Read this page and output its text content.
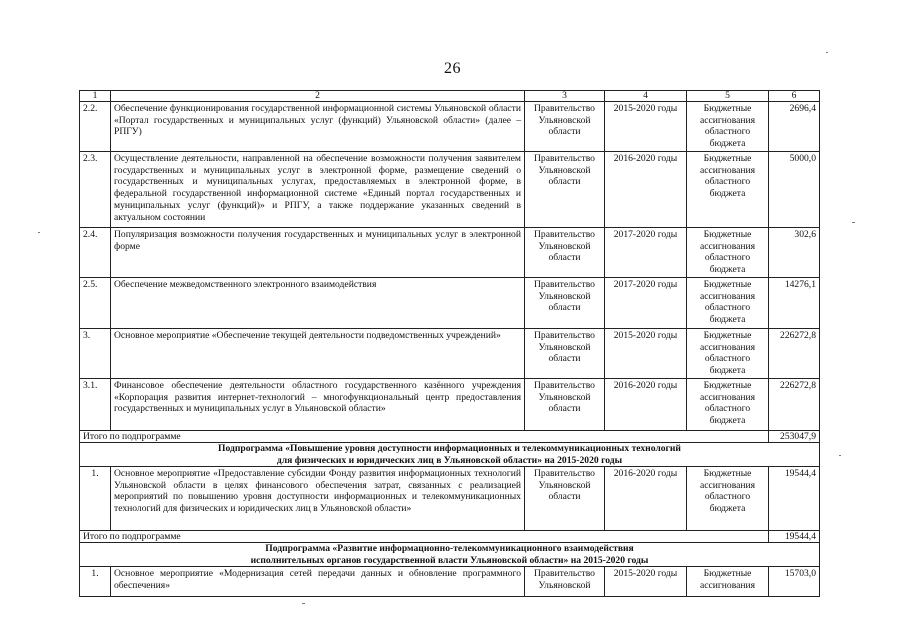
26
1	2	3	4	5	6
2.2.	Обеспечение функционирования государственной информационной системы Ульяновской области «Портал государственных и муниципальных услуг (функций) Ульяновской области» (далее – РПГУ)	Правительство Ульяновской области	2015-2020 годы	Бюджетные ассигнования областного бюджета	2696,4
2.3.	Осуществление деятельности, направленной на обеспечение возможности получения заявителем государственных и муниципальных услуг в электронной форме, размещение сведений о государственных и муниципальных услугах, предоставляемых в электронной форме, в федеральной государственной информационной системе «Единый портал государственных и муниципальных услуг (функций)» и РПГУ, а также поддержание указанных сведений в актуальном состоянии	Правительство Ульяновской области	2016-2020 годы	Бюджетные ассигнования областного бюджета	5000,0
2.4.	Популяризация возможности получения государственных и муниципальных услуг в электронной форме	Правительство Ульяновской области	2017-2020 годы	Бюджетные ассигнования областного бюджета	302,6
2.5.	Обеспечение межведомственного электронного взаимодействия	Правительство Ульяновской области	2017-2020 годы	Бюджетные ассигнования областного бюджета	14276,1
3.	Основное мероприятие «Обеспечение текущей деятельности подведомственных учреждений»	Правительство Ульяновской области	2015-2020 годы	Бюджетные ассигнования областного бюджета	226272,8
3.1.	Финансовое обеспечение деятельности областного государственного казённого учреждения «Корпорация развития интернет-технологий – многофункциональный центр предоставления государственных и муниципальных услуг в Ульяновской области»	Правительство Ульяновской области	2016-2020 годы	Бюджетные ассигнования областного бюджета	226272,8
Итого по подпрограмме					253047,9

Подпрограмма «Повышение уровня доступности информационных и телекоммуникационных технологий
для физических и юридических лиц в Ульяновской области» на 2015-2020 годы					

1.	Основное мероприятие «Предоставление субсидии Фонду развития информационных технологий Ульяновской области в целях финансового обеспечения затрат, связанных с реализацией мероприятий по повышению уровня доступности информационных и телекоммуникационных технологий для физических и юридических лиц в Ульяновской области»	Правительство Ульяновской области	2016-2020 годы	Бюджетные ассигнования областного бюджета	19544,4
Итого по подпрограмме					19544,4

Подпрограмма «Развитие информационно-телекоммуникационного взаимодействия
исполнительных органов государственной власти Ульяновской области» на 2015-2020 годы					

1.	Основное мероприятие «Модернизация сетей передачи данных и обновление программного обеспечения»	Правительство Ульяновской	2015-2020 годы	Бюджетные ассигнования	15703,0
